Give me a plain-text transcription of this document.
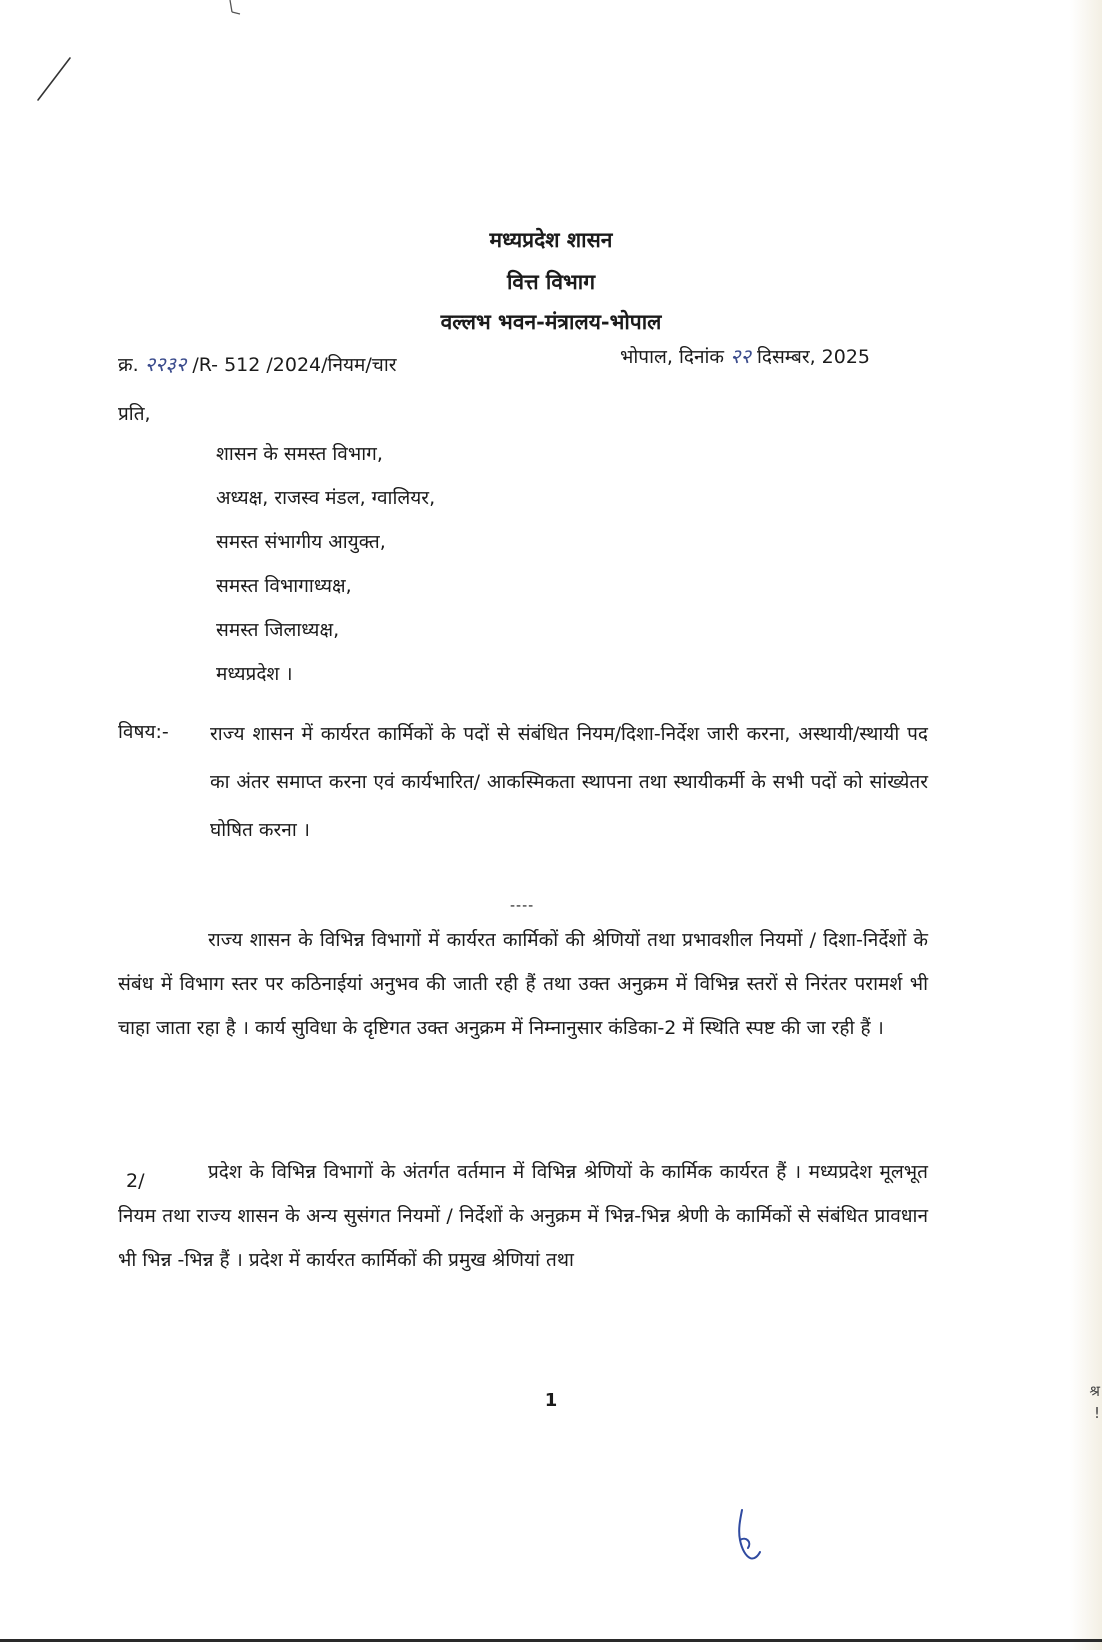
मध्यप्रदेश शासन
वित्त विभाग
वल्लभ भवन-मंत्रालय-भोपाल
क्र. २२३२ /R- 512 /2024/नियम/चार	भोपाल, दिनांक २२ दिसम्बर, 2025
प्रति,
शासन के समस्त विभाग,
अध्यक्ष, राजस्व मंडल, ग्वालियर,
समस्त संभागीय आयुक्त,
समस्त विभागाध्यक्ष,
समस्त जिलाध्यक्ष,
मध्यप्रदेश ।
विषय:- राज्य शासन में कार्यरत कार्मिकों के पदों से संबंधित नियम/दिशा-निर्देश जारी करना, अस्थायी/स्थायी पद का अंतर समाप्त करना एवं कार्यभारित/ आकस्मिकता स्थापना तथा स्थायीकर्मी के सभी पदों को सांख्येतर घोषित करना ।

----

राज्य शासन के विभिन्न विभागों में कार्यरत कार्मिकों की श्रेणियों तथा प्रभावशील नियमों / दिशा-निर्देशों के संबंध में विभाग स्तर पर कठिनाईयां अनुभव की जाती रही हैं तथा उक्त अनुक्रम में विभिन्न स्तरों से निरंतर परामर्श भी चाहा जाता रहा है । कार्य सुविधा के दृष्टिगत उक्त अनुक्रम में निम्नानुसार कंडिका-2 में स्थिति स्पष्ट की जा रही हैं ।

2/	प्रदेश के विभिन्न विभागों के अंतर्गत वर्तमान में विभिन्न श्रेणियों के कार्मिक कार्यरत हैं । मध्यप्रदेश मूलभूत नियम तथा राज्य शासन के अन्य सुसंगत नियमों / निर्देशों के अनुक्रम में भिन्न-भिन्न श्रेणी के कार्मिकों से संबंधित प्रावधान भी भिन्न -भिन्न हैं । प्रदेश में कार्यरत कार्मिकों की प्रमुख श्रेणियां तथा

1	श्र
!
